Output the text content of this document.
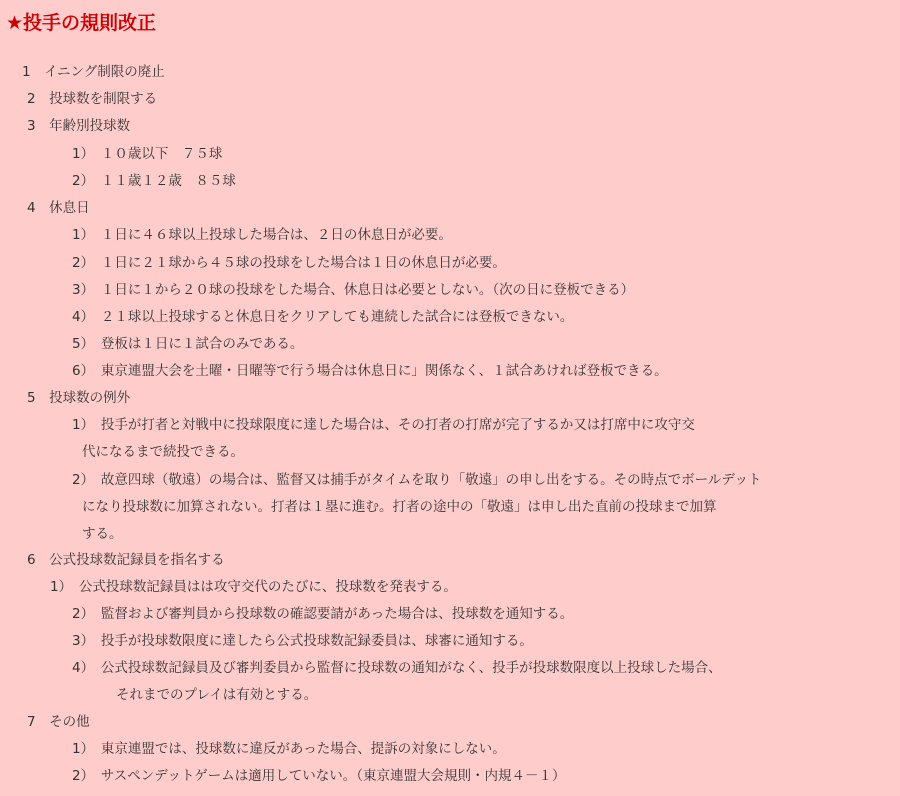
★投手の規則改正
1　イニング制限の廃止
2　投球数を制限する
3　年齢別投球数
1）　１０歳以下　７５球
2）　１１歳１２歳　８５球
4　休息日
1）　１日に４６球以上投球した場合は、２日の休息日が必要。
2）　１日に２１球から４５球の投球をした場合は１日の休息日が必要。
3）　１日に１から２０球の投球をした場合、休息日は必要としない。（次の日に登板できる）
4）　２１球以上投球すると休息日をクリアしても連続した試合には登板できない。
5）　登板は１日に１試合のみである。
6）　東京連盟大会を土曜・日曜等で行う場合は休息日に」関係なく、１試合あければ登板できる。
5　投球数の例外
1）　投手が打者と対戦中に投球限度に達した場合は、その打者の打席が完了するか又は打席中に攻守交
代になるまで続投できる。
2）　故意四球（敬遠）の場合は、監督又は捕手がタイムを取り「敬遠」の申し出をする。その時点でボールデット
になり投球数に加算されない。打者は１塁に進む。打者の途中の「敬遠」は申し出た直前の投球まで加算
する。
6　公式投球数記録員を指名する
1）　公式投球数記録員はは攻守交代のたびに、投球数を発表する。
2）　監督および審判員から投球数の確認要請があった場合は、投球数を通知する。
3）　投手が投球数限度に達したら公式投球数記録委員は、球審に通知する。
4）　公式投球数記録員及び審判委員から監督に投球数の通知がなく、投手が投球数限度以上投球した場合、
それまでのプレイは有効とする。
7　その他
1）　東京連盟では、投球数に違反があった場合、提訴の対象にしない。
2）　サスペンデットゲームは適用していない。（東京連盟大会規則・内規４－１）
